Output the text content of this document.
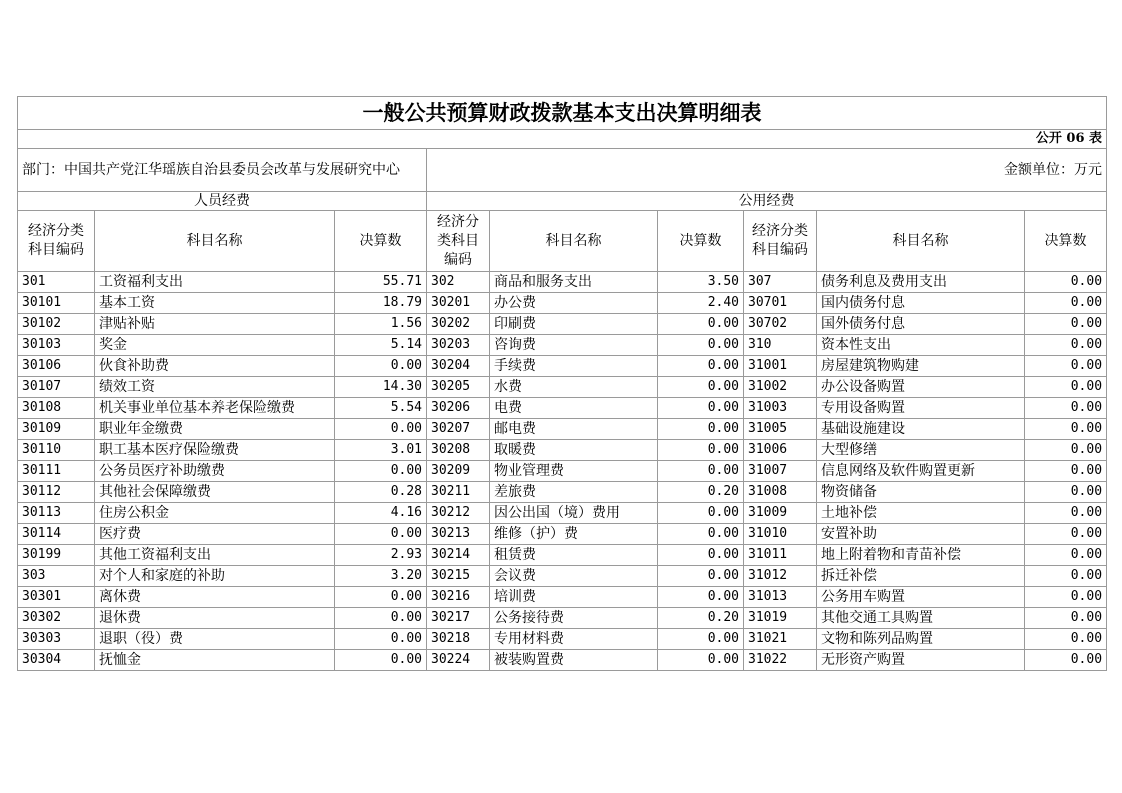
一般公共预算财政拨款基本支出决算明细表								
公开 06 表								
部门：中国共产党江华瑶族自治县委员会改革与发展研究中心			金额单位：万元					
人员经费			公用经费					
经济分类科目编码	科目名称	决算数	经济分类科目编码	科目名称	决算数	经济分类科目编码	科目名称	决算数
301	工资福利支出	55.71	302	商品和服务支出	3.50	307	债务利息及费用支出	0.00
30101	基本工资	18.79	30201	办公费	2.40	30701	国内债务付息	0.00
30102	津贴补贴	1.56	30202	印刷费	0.00	30702	国外债务付息	0.00
30103	奖金	5.14	30203	咨询费	0.00	310	资本性支出	0.00
30106	伙食补助费	0.00	30204	手续费	0.00	31001	房屋建筑物购建	0.00
30107	绩效工资	14.30	30205	水费	0.00	31002	办公设备购置	0.00
30108	机关事业单位基本养老保险缴费	5.54	30206	电费	0.00	31003	专用设备购置	0.00
30109	职业年金缴费	0.00	30207	邮电费	0.00	31005	基础设施建设	0.00
30110	职工基本医疗保险缴费	3.01	30208	取暖费	0.00	31006	大型修缮	0.00
30111	公务员医疗补助缴费	0.00	30209	物业管理费	0.00	31007	信息网络及软件购置更新	0.00
30112	其他社会保障缴费	0.28	30211	差旅费	0.20	31008	物资储备	0.00
30113	住房公积金	4.16	30212	因公出国（境）费用	0.00	31009	土地补偿	0.00
30114	医疗费	0.00	30213	维修（护）费	0.00	31010	安置补助	0.00
30199	其他工资福利支出	2.93	30214	租赁费	0.00	31011	地上附着物和青苗补偿	0.00
303	对个人和家庭的补助	3.20	30215	会议费	0.00	31012	拆迁补偿	0.00
30301	离休费	0.00	30216	培训费	0.00	31013	公务用车购置	0.00
30302	退休费	0.00	30217	公务接待费	0.20	31019	其他交通工具购置	0.00
30303	退职（役）费	0.00	30218	专用材料费	0.00	31021	文物和陈列品购置	0.00
30304	抚恤金	0.00	30224	被装购置费	0.00	31022	无形资产购置	0.00
